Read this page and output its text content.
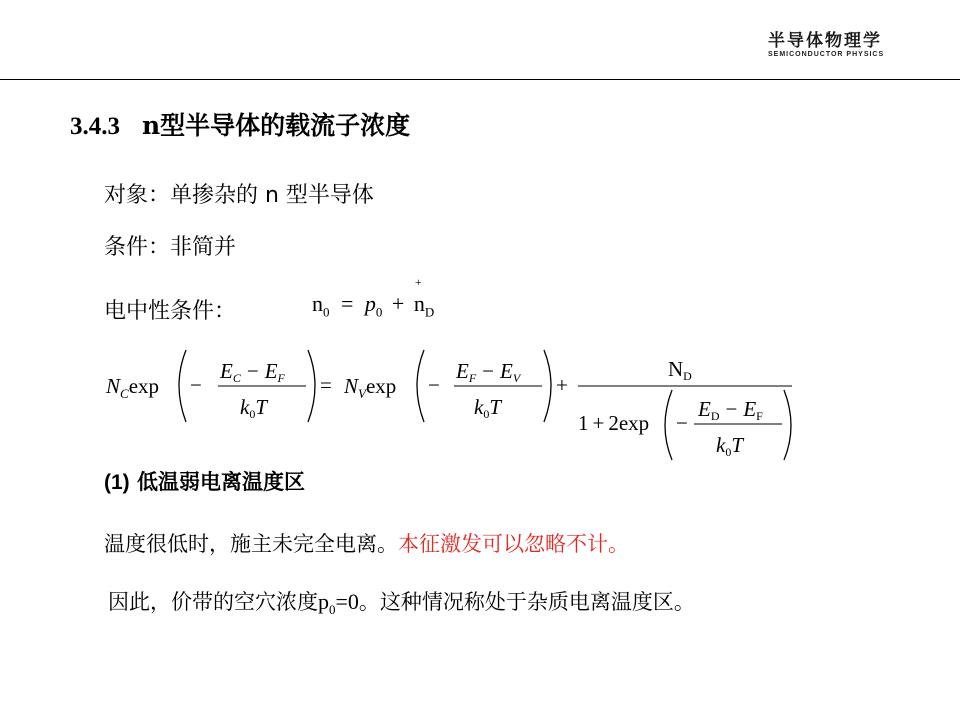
半导体物理学
SEMICONDUCTOR PHYSICS
3.4.3 n型半导体的载流子浓度
对象：单掺杂的 n 型半导体
条件：非简并
电中性条件：	$n_0 = p_0 + n$
+
$_D$
$N_C\exp$ −
EC − EF
k0T
= $N_V\exp$ −
EF − EV
k0T
+
ND
1 + 2exp −
ED − EF
k0T
(1) 低温弱电离温度区
温度很低时，施主未完全电离。本征激发可以忽略不计。
因此，价带的空穴浓度$p_0=0$。这种情况称处于杂质电离温度区。
